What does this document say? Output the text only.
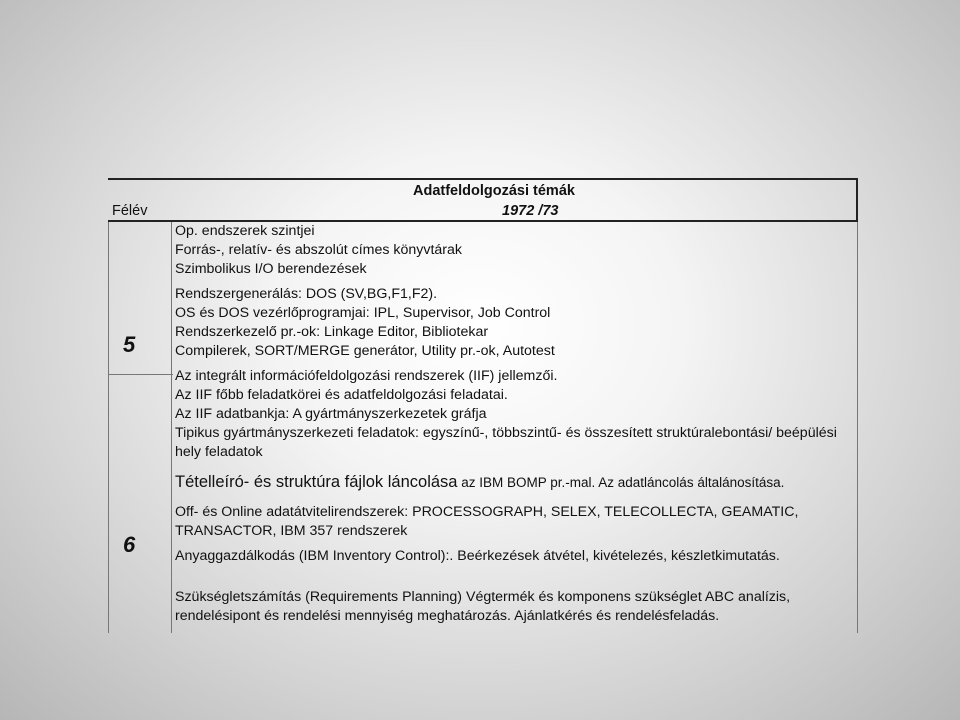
Adatfeldolgozási témák
Félév	1972 /73
5
6
Op. endszerek szintjei
Forrás-, relatív- és abszolút címes könyvtárak
Szimbolikus I/O berendezések
Rendszergenerálás: DOS (SV,BG,F1,F2).
OS és DOS vezérlőprogramjai: IPL, Supervisor, Job Control
Rendszerkezelő pr.-ok: Linkage Editor, Bibliotekar
Compilerek, SORT/MERGE generátor, Utility pr.-ok, Autotest
Az integrált információfeldolgozási rendszerek (IIF) jellemzői.
Az IIF főbb feladatkörei és adatfeldolgozási feladatai.
Az IIF adatbankja: A gyártmányszerkezetek gráfja
Tipikus gyártmányszerkezeti feladatok: egyszínű-, többszintű- és összesített struktúralebontási/ beépülési hely feladatok
Tételleíró- és struktúra fájlok láncolása az IBM BOMP pr.-mal. Az adatláncolás általánosítása.
Off- és Online adatátvitelirendszerek: PROCESSOGRAPH, SELEX, TELECOLLECTA, GEAMATIC, TRANSACTOR, IBM 357 rendszerek
Anyaggazdálkodás (IBM Inventory Control):. Beérkezések átvétel, kivételezés, készletkimutatás.
Szükségletszámítás (Requirements Planning) Végtermék és komponens szükséglet ABC analízis, rendelésipont és rendelési mennyiség meghatározás. Ajánlatkérés és rendelésfeladás.
